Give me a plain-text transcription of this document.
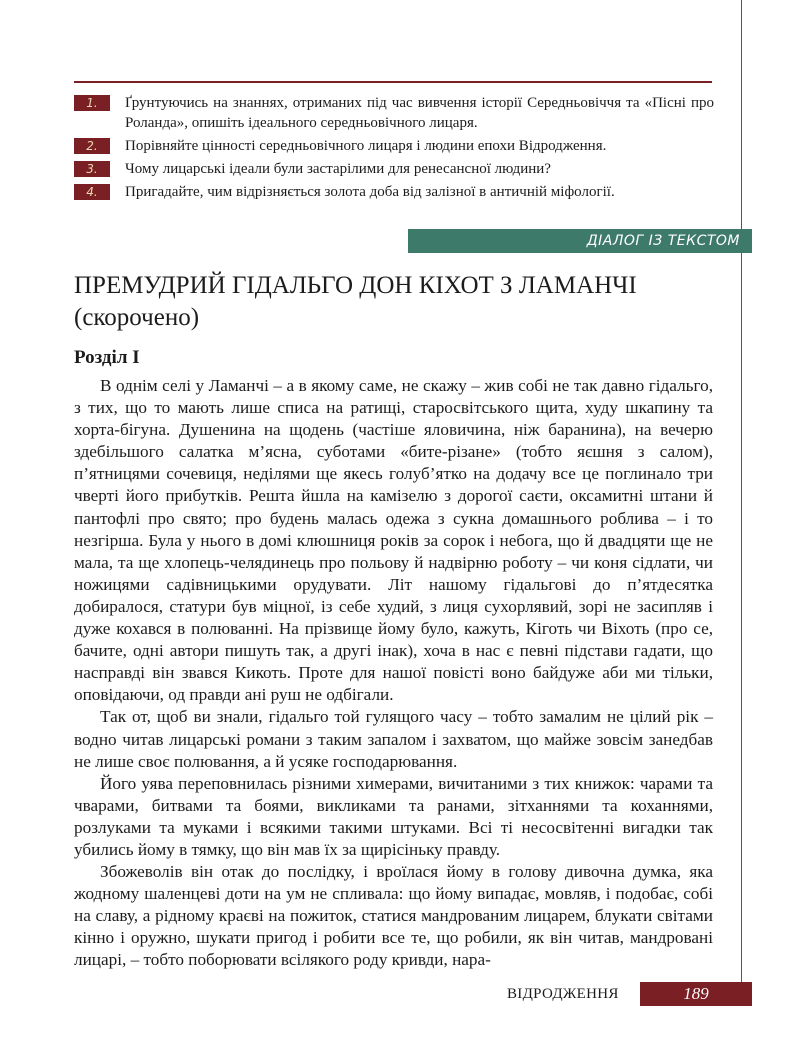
1.	Ґрунтуючись на знаннях, отриманих під час вивчення історії Середньовіччя та «Пісні про Роланда», опишіть ідеального середньовічного лицаря.
2.	Порівняйте цінності середньовічного лицаря і людини епохи Відродження.
3.	Чому лицарські ідеали були застарілими для ренесансної людини?
4.	Пригадайте, чим відрізняється золота доба від залізної в античній міфології.
ДІАЛОГ ІЗ ТЕКСТОМ
ПРЕМУДРИЙ ГІДАЛЬГО ДОН КІХОТ З ЛАМАНЧІ
(скорочено)
Розділ І

В однім селі у Ламанчі – а в якому саме, не скажу – жив собі не так давно гідальго, з тих, що то мають лише списа на ратищі, старосвітського щита, худу шкапину та хорта-бігуна. Душенина на щодень (частіше яловичина, ніж баранина), на вечерю здебільшого салатка м’ясна, суботами «бите-різане» (тобто яєшня з салом), п’ятницями сочевиця, неділями ще якесь голуб’ятко на додачу все це поглинало три чверті його прибутків. Решта йшла на камізелю з дорогої саєти, оксамитні штани й пантофлі про свято; про будень малась одежа з сукна домашнього роблива – і то незгірша. Була у нього в домі клюшниця років за сорок і небога, що й двадцяти ще не мала, та ще хлопець-челядинець про польову й надвірню роботу – чи коня сідлати, чи ножицями садівницькими орудувати. Літ нашому гідальгові до п’ятдесятка добиралося, статури був міцної, із себе худий, з лиця сухорлявий, зорі не засипляв і дуже кохався в полюванні. На прізвище йому було, кажуть, Кіготь чи Віхоть (про се, бачите, одні автори пишуть так, а другі інак), хоча в нас є певні підстави гадати, що насправді він звався Кикоть. Проте для нашої повісті воно байдуже аби ми тільки, оповідаючи, од правди ані руш не одбігали.

Так от, щоб ви знали, гідальго той гулящого часу – тобто замалим не цілий рік – водно читав лицарські романи з таким запалом і захватом, що майже зовсім занедбав не лише своє полювання, а й усяке господарювання.

Його уява переповнилась різними химерами, вичитаними з тих книжок: чарами та чварами, битвами та боями, викликами та ранами, зітханнями та коханнями, розлуками та муками і всякими такими штуками. Всі ті несосвітенні вигадки так убились йому в тямку, що він мав їх за щирісіньку правду.

Збожеволів він отак до послідку, і вроїлася йому в голову дивочна думка, яка жодному шаленцеві доти на ум не спливала: що йому випадає, мовляв, і подобає, собі на славу, а рідному краєві на пожиток, статися мандрованим лицарем, блукати світами кінно і оружно, шукати пригод і робити все те, що робили, як він читав, мандровані лицарі, – тобто поборювати всілякого роду кривди, нара-

ВІДРОДЖЕННЯ	189
